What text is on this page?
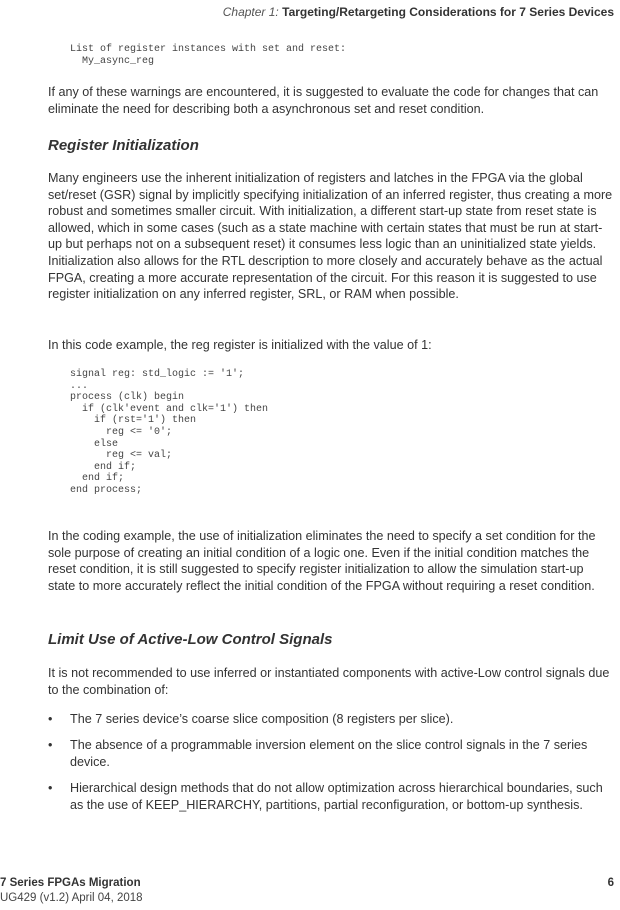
Chapter 1: Targeting/Retargeting Considerations for 7 Series Devices
List of register instances with set and reset:
My_async_reg

If any of these warnings are encountered, it is suggested to evaluate the code for changes that can eliminate the need for describing both a asynchronous set and reset condition.

Register Initialization

Many engineers use the inherent initialization of registers and latches in the FPGA via the global set/reset (GSR) signal by implicitly specifying initialization of an inferred register, thus creating a more robust and sometimes smaller circuit. With initialization, a different start-up state from reset state is allowed, which in some cases (such as a state machine with certain states that must be run at start-up but perhaps not on a subsequent reset) it consumes less logic than an uninitialized state yields. Initialization also allows for the RTL description to more closely and accurately behave as the actual FPGA, creating a more accurate representation of the circuit. For this reason it is suggested to use register initialization on any inferred register, SRL, or RAM when possible.

In this code example, the reg register is initialized with the value of 1:

signal reg: std_logic := '1';
...
process (clk) begin
if (clk'event and clk='1') then
if (rst='1') then
reg <= '0';
else
reg <= val;
end if;
end if;
end process;

In the coding example, the use of initialization eliminates the need to specify a set condition for the sole purpose of creating an initial condition of a logic one. Even if the initial condition matches the reset condition, it is still suggested to specify register initialization to allow the simulation start-up state to more accurately reflect the initial condition of the FPGA without requiring a reset condition.

Limit Use of Active-Low Control Signals

It is not recommended to use inferred or instantiated components with active-Low control signals due to the combination of:

• The 7 series device’s coarse slice composition (8 registers per slice).
• The absence of a programmable inversion element on the slice control signals in the 7 series device.
• Hierarchical design methods that do not allow optimization across hierarchical boundaries, such as the use of KEEP_HIERARCHY, partitions, partial reconfiguration, or bottom-up synthesis.
7 Series FPGAs Migration
UG429 (v1.2) April 04, 2018
6
